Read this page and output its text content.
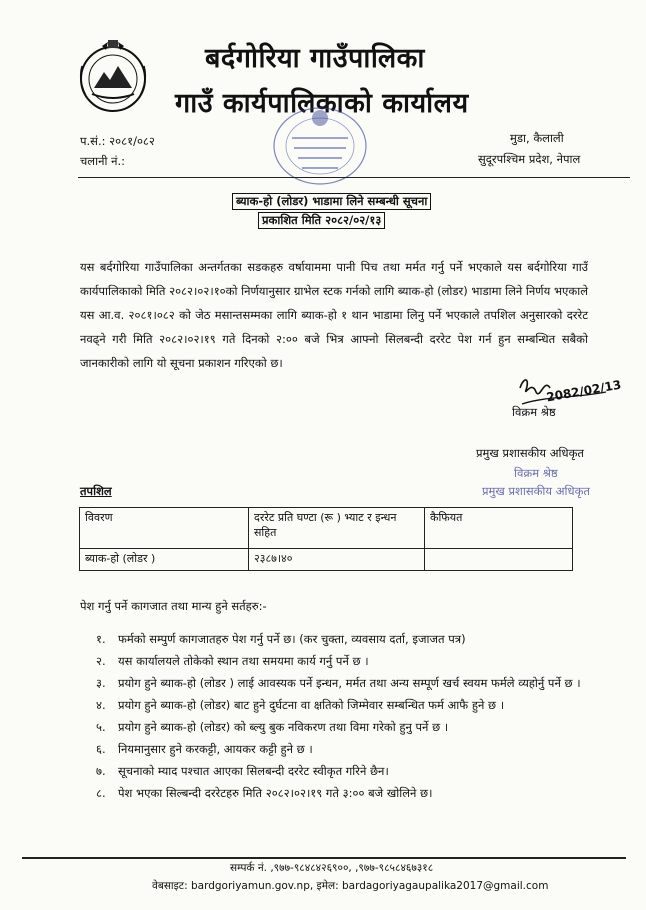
बर्दगोरिया गाउँपालिका
गाउँ कार्यपालिकाको कार्यालय
प.सं.: २०८१/०८२
चलानी नं.:
मुडा, कैलाली
सुदूरपश्चिम प्रदेश, नेपाल
ब्याक-हो (लोडर) भाडामा लिने सम्बन्धी सूचना
प्रकाशित मिति २०८२/०२/१३
यस बर्दगोरिया गाउँपालिका अन्तर्गतका सडकहरु वर्षायाममा पानी पिच तथा मर्मत गर्नु पर्ने भएकाले यस बर्दगोरिया गाउँ कार्यपालिकाको मिति २०८२।०२।१०को निर्णयानुसार ग्राभेल स्टक गर्नको लागि ब्याक-हो (लोडर) भाडामा लिने निर्णय भएकाले यस आ.व. २०८१।०८२ को जेठ मसान्तसम्मका लागि ब्याक-हो १ थान भाडामा लिनु पर्ने भएकाले तपशिल अनुसारको दररेट नवढ्ने गरी मिति २०८२।०२।१९ गते दिनको २:०० बजे भित्र आफ्नो सिलबन्दी दररेट पेश गर्न हुन सम्बन्धित सबैको जानकारीको लागि यो सूचना प्रकाशन गरिएको छ।
2082/02/13
विक्रम श्रेष्ठ
प्रमुख प्रशासकीय अधिकृत
विक्रम श्रेष्ठ
प्रमुख प्रशासकीय अधिकृत
तपशिल
विवरण	दररेट प्रति घण्टा (रू ) भ्याट र इन्धन सहित	कैफियत
ब्याक-हो (लोडर )	२३८७।४०	
पेश गर्नु पर्ने कागजात तथा मान्य हुने सर्तहरु:-
१.	फर्मको सम्पुर्ण कागजातहरु पेश गर्नु पर्ने छ। (कर चुक्ता, व्यवसाय दर्ता, इजाजत पत्र)
२.	यस कार्यालयले तोकेको स्थान तथा समयमा कार्य गर्नु पर्ने छ ।
३.	प्रयोग हुने ब्याक-हो (लोडर ) लाई आवस्यक पर्ने इन्धन, मर्मत तथा अन्य सम्पूर्ण खर्च स्वयम फर्मले व्यहोर्नु पर्ने छ ।
४.	प्रयोग हुने ब्याक-हो (लोडर) बाट हुने दुर्घटना वा क्षतिको जिम्मेवार सम्बन्धित फर्म आफै हुने छ ।
५.	प्रयोग हुने ब्याक-हो (लोडर) को ब्ल्यु बुक नविकरण तथा विमा गरेको हुनु पर्ने छ ।
६.	नियमानुसार हुने करकट्टी, आयकर कट्टी हुने छ ।
७.	सूचनाको म्याद पश्चात आएका सिलबन्दी दररेट स्वीकृत गरिने छैन।
८.	पेश भएका सिल्बन्दी दररेटहरु मिति २०८२।०२।१९ गते ३:०० बजे खोलिने छ।
सम्पर्क नं. ,९७७-९८४८४२६९००, ,९७७-९८५८४६७३१८
वेबसाइट: bardgoriyamun.gov.np, इमेल: bardagoriyagaupalika2017@gmail.com
